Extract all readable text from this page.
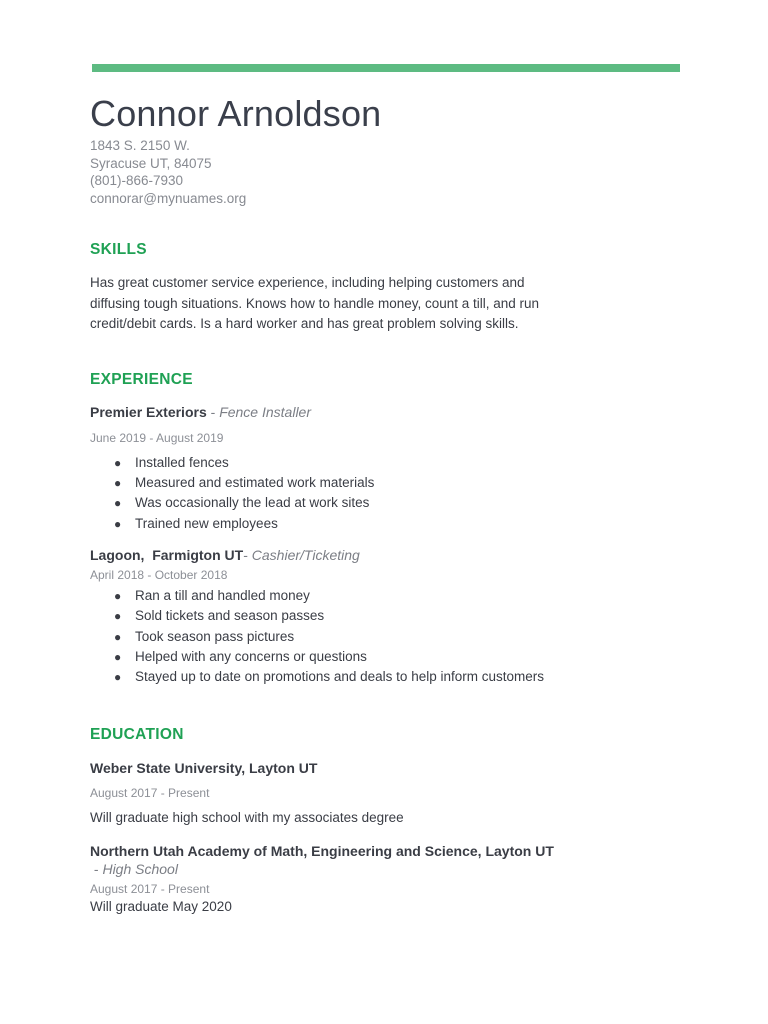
Connor Arnoldson
1843 S. 2150 W.
Syracuse UT, 84075
(801)-866-7930
connorar@mynuames.org
SKILLS
Has great customer service experience, including helping customers and diffusing tough situations. Knows how to handle money, count a till, and run credit/debit cards. Is a hard worker and has great problem solving skills.
EXPERIENCE
Premier Exteriors - Fence Installer
June 2019 - August 2019
● Installed fences
● Measured and estimated work materials
● Was occasionally the lead at work sites
● Trained new employees
Lagoon,  Farmigton UT- Cashier/Ticketing
April 2018 - October 2018
● Ran a till and handled money
● Sold tickets and season passes
● Took season pass pictures
● Helped with any concerns or questions
● Stayed up to date on promotions and deals to help inform customers
EDUCATION
Weber State University, Layton UT
August 2017 - Present
Will graduate high school with my associates degree
Northern Utah Academy of Math, Engineering and Science, Layton UT - High School
August 2017 - Present
Will graduate May 2020
